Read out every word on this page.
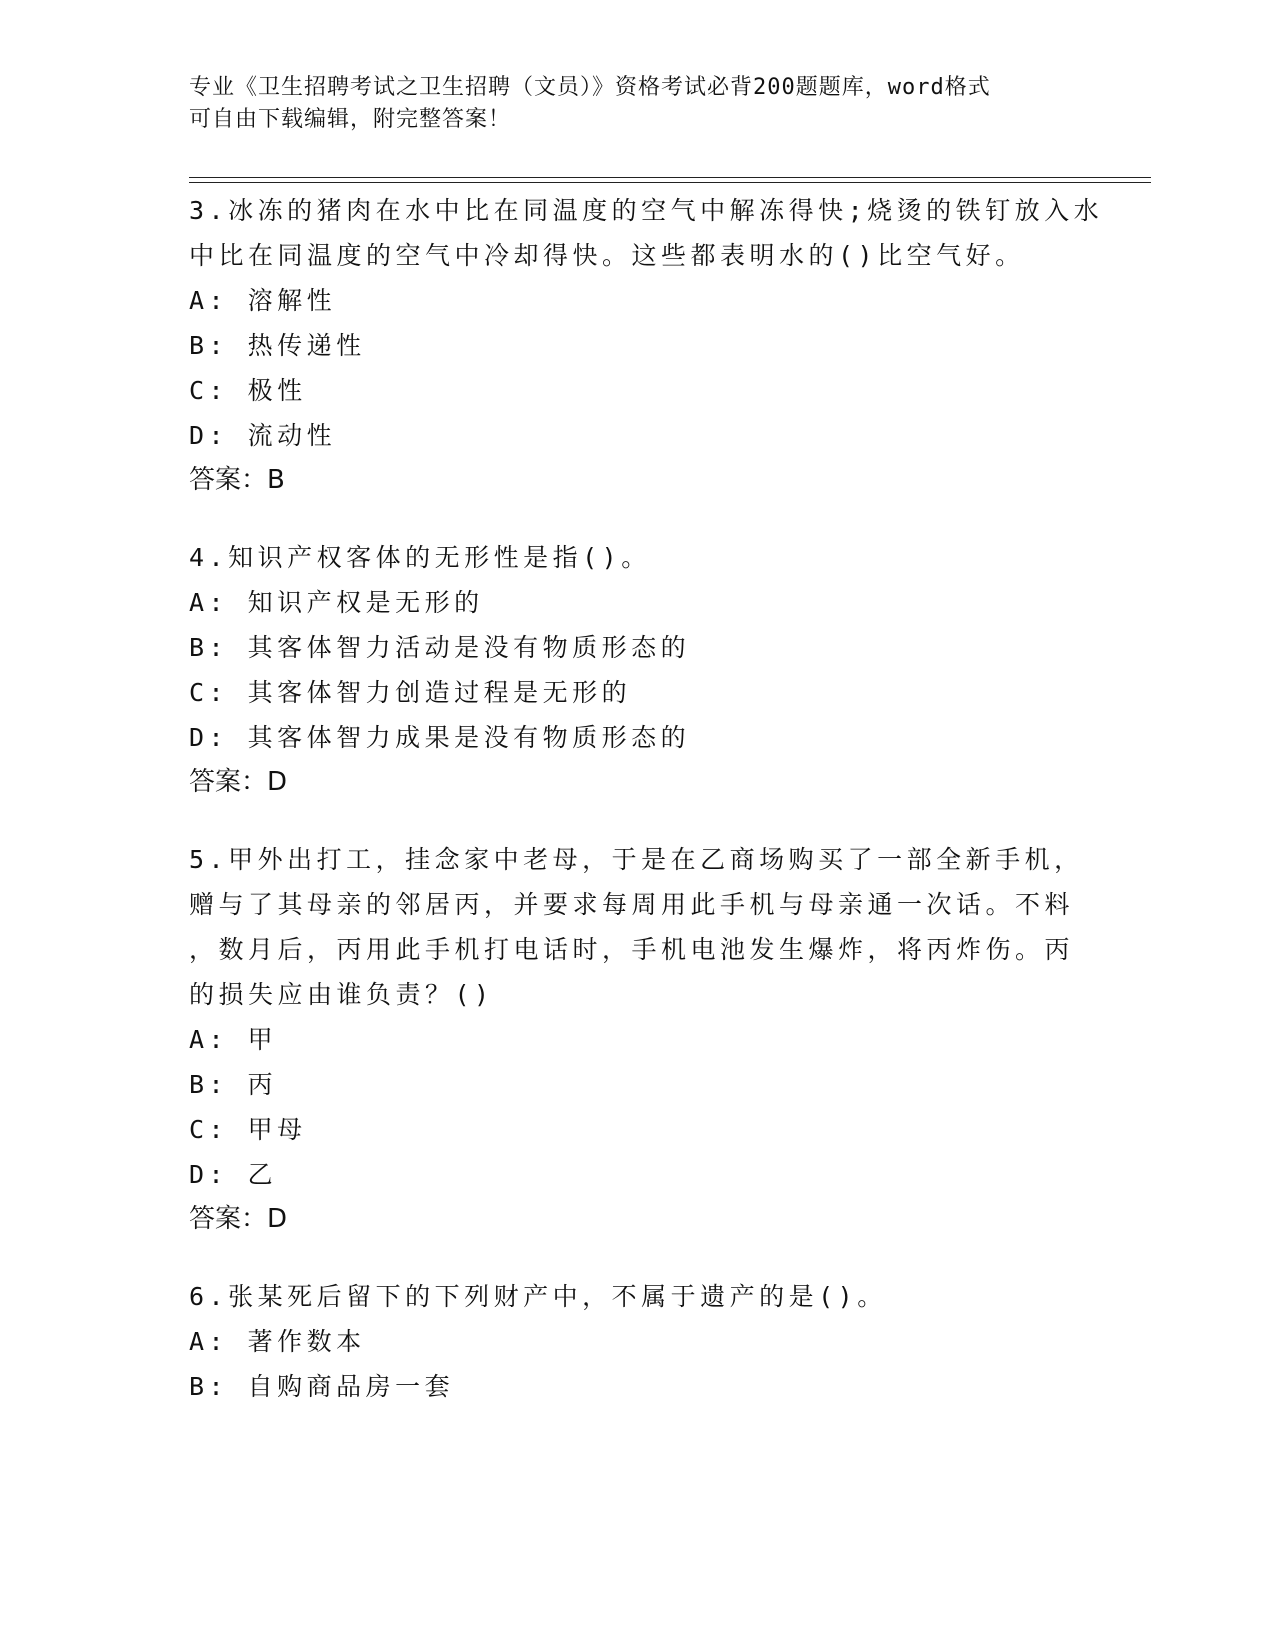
专业《卫生招聘考试之卫生招聘（文员）》资格考试必背200题题库，word格式
可自由下载编辑，附完整答案！
3.冰冻的猪肉在水中比在同温度的空气中解冻得快;烧烫的铁钉放入水
中比在同温度的空气中冷却得快。这些都表明水的()比空气好。
A: 溶解性
B: 热传递性
C: 极性
D: 流动性
答案：B
4.知识产权客体的无形性是指()。
A: 知识产权是无形的
B: 其客体智力活动是没有物质形态的
C: 其客体智力创造过程是无形的
D: 其客体智力成果是没有物质形态的
答案：D
5.甲外出打工，挂念家中老母，于是在乙商场购买了一部全新手机，
赠与了其母亲的邻居丙，并要求每周用此手机与母亲通一次话。不料
，数月后，丙用此手机打电话时，手机电池发生爆炸，将丙炸伤。丙
的损失应由谁负责？()
A: 甲
B: 丙
C: 甲母
D: 乙
答案：D
6.张某死后留下的下列财产中，不属于遗产的是()。
A: 著作数本
B: 自购商品房一套
